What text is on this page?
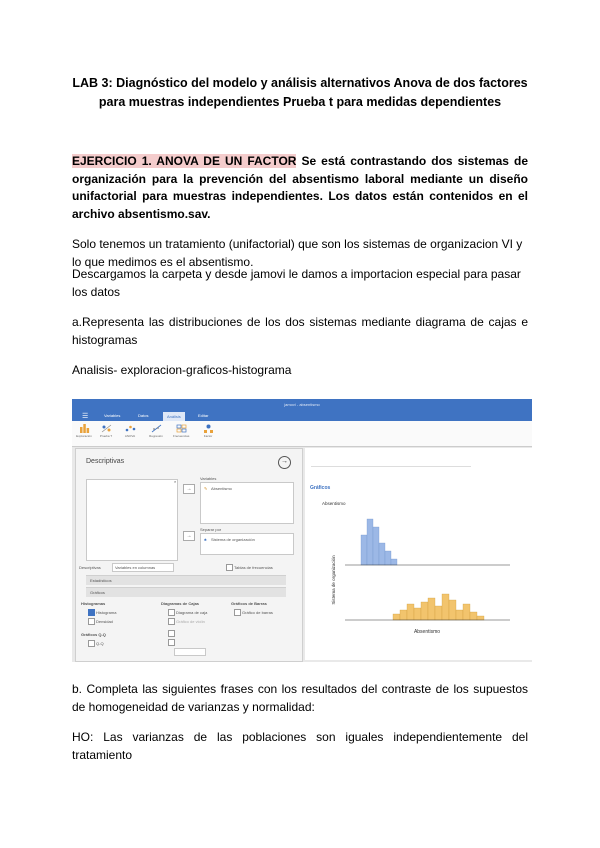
LAB 3: Diagnóstico del modelo y análisis alternativos Anova de dos factores para muestras independientes Prueba t para medidas dependientes
EJERCICIO 1. ANOVA DE UN FACTOR Se está contrastando dos sistemas de organización para la prevención del absentismo laboral mediante un diseño unifactorial para muestras independientes. Los datos están contenidos en el archivo absentismo.sav.
Solo tenemos un tratamiento (unifactorial) que son los sistemas de organizacion VI y lo que medimos es el absentismo.
Descargamos la carpeta y desde jamovi le damos a importacion especial para pasar los datos
a.Representa las distribuciones de los dos sistemas mediante diagrama de cajas e histogramas
Analisis- exploracion-graficos-histograma
jamovi - absentismo
☰	Variables	Datos	Análisis	Editar
Exploración	Prueba T	ANOVA	Regresión	Frecuencias	Factor
Descriptivas	→
⌕
→
Variables
✎ Absentismo
→
Separar por
♣ Sistema de organización
Descriptivas	Variables en columnas	Tablas de frecuencias
Estadísticos
Gráficos
Histogramas
Histograma
Densidad
Diagramas de Cajas
Diagrama de caja
Gráfico de violín
Gráficos de Barras
Gráfico de barras
Gráficos Q-Q
Q-Q
Gráficos
Absentismo
Absentismo
Sistema de organización
b. Completa las siguientes frases con los resultados del contraste de los supuestos de homogeneidad de varianzas y normalidad:
HO: Las varianzas de las poblaciones son iguales independientemente del tratamiento
